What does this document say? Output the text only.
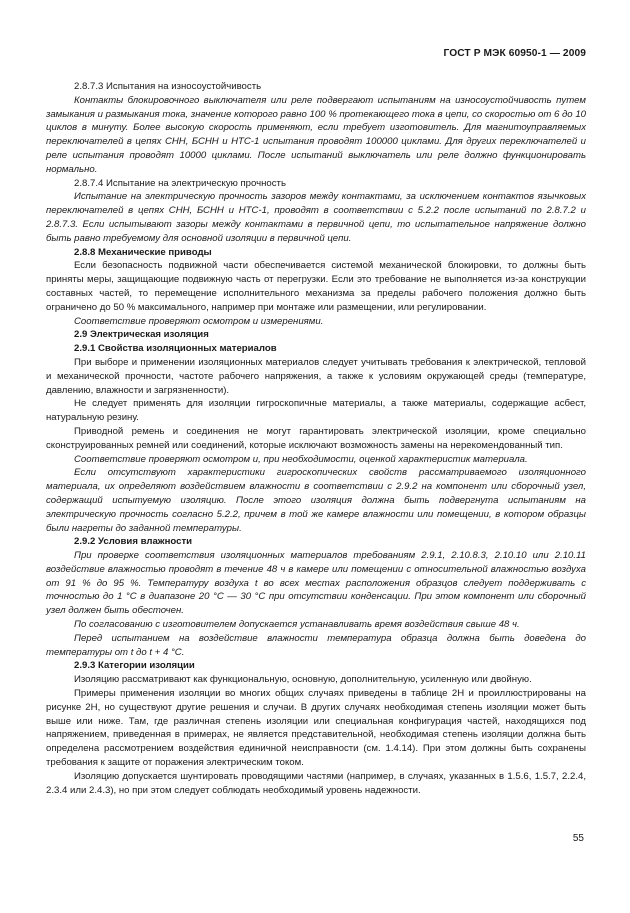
ГОСТ Р МЭК 60950-1 — 2009

2.8.7.3 Испытания на износоустойчивость

Контакты блокировочного выключателя или реле подвергают испытаниям на износоустойчивость путем замыкания и размыкания тока, значение которого равно 100 % протекающего тока в цепи, со скоростью от 6 до 10 циклов в минуту. Более высокую скорость применяют, если требует изготовитель. Для магнитоуправляемых переключателей в цепях СНН, БСНН и НТС-1 испытания проводят 100000 циклами. Для других переключателей и реле испытания проводят 10000 циклами. После испытаний выключатель или реле должно функционировать нормально.

2.8.7.4 Испытание на электрическую прочность

Испытание на электрическую прочность зазоров между контактами, за исключением контактов язычковых переключателей в цепях СНН, БСНН и НТС-1, проводят в соответствии с 5.2.2 после испытаний по 2.8.7.2 и 2.8.7.3. Если испытывают зазоры между контактами в первичной цепи, то испытательное напряжение должно быть равно требуемому для основной изоляции в первичной цепи.

2.8.8 Механические приводы

Если безопасность подвижной части обеспечивается системой механической блокировки, то должны быть приняты меры, защищающие подвижную часть от перегрузки. Если это требование не выполняется из-за конструкции составных частей, то перемещение исполнительного механизма за пределы рабочего положения должно быть ограничено до 50 % максимального, например при монтаже или размещении, или регулировании.

Соответствие проверяют осмотром и измерениями.

2.9 Электрическая изоляция

2.9.1 Свойства изоляционных материалов

При выборе и применении изоляционных материалов следует учитывать требования к электрической, тепловой и механической прочности, частоте рабочего напряжения, а также к условиям окружающей среды (температуре, давлению, влажности и загрязненности).

Не следует применять для изоляции гигроскопичные материалы, а также материалы, содержащие асбест, натуральную резину.

Приводной ремень и соединения не могут гарантировать электрической изоляции, кроме специально сконструированных ремней или соединений, которые исключают возможность замены на нерекомендованный тип.

Соответствие проверяют осмотром и, при необходимости, оценкой характеристик материала.

Если отсутствуют характеристики гигроскопических свойств рассматриваемого изоляционного материала, их определяют воздействием влажности в соответствии с 2.9.2 на компонент или сборочный узел, содержащий испытуемую изоляцию. После этого изоляция должна быть подвергнута испытаниям на электрическую прочность согласно 5.2.2, причем в той же камере влажности или помещении, в котором образцы были нагреты до заданной температуры.

2.9.2 Условия влажности

При проверке соответствия изоляционных материалов требованиям 2.9.1, 2.10.8.3, 2.10.10 или 2.10.11 воздействие влажностью проводят в течение 48 ч в камере или помещении с относительной влажностью воздуха от 91 % до 95 %. Температуру воздуха t во всех местах расположения образцов следует поддерживать с точностью до 1 °С в диапазоне 20 °С — 30 °С при отсутствии конденсации. При этом компонент или сборочный узел должен быть обесточен.

По согласованию с изготовителем допускается устанавливать время воздействия свыше 48 ч.

Перед испытанием на воздействие влажности температура образца должна быть доведена до температуры от t до t + 4 °С.

2.9.3 Категории изоляции

Изоляцию рассматривают как функциональную, основную, дополнительную, усиленную или двойную.

Примеры применения изоляции во многих общих случаях приведены в таблице 2Н и проиллюстрированы на рисунке 2Н, но существуют другие решения и случаи. В других случаях необходимая степень изоляции может быть выше или ниже. Там, где различная степень изоляции или специальная конфигурация частей, находящихся под напряжением, приведенная в примерах, не является представительной, необходимая степень изоляции должна быть определена рассмотрением воздействия единичной неисправности (см. 1.4.14). При этом должны быть сохранены требования к защите от поражения электрическим током.

Изоляцию допускается шунтировать проводящими частями (например, в случаях, указанных в 1.5.6, 1.5.7, 2.2.4, 2.3.4 или 2.4.3), но при этом следует соблюдать необходимый уровень надежности.

55
